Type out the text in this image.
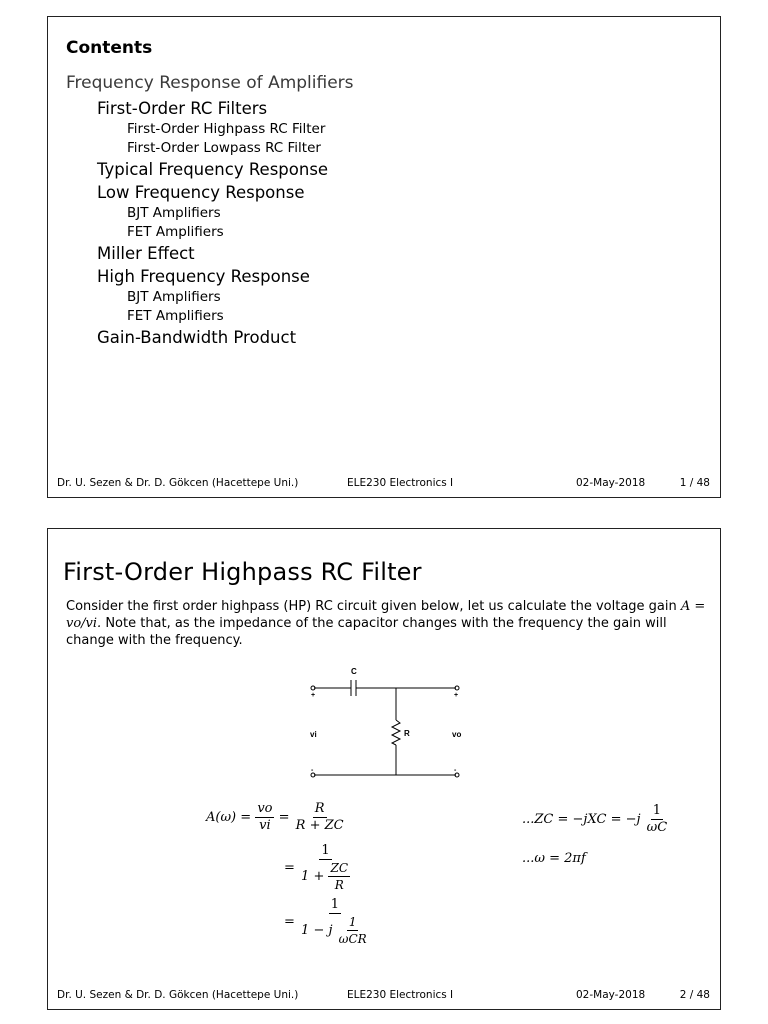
Contents
Frequency Response of Amplifiers
First-Order RC Filters
First-Order Highpass RC Filter
First-Order Lowpass RC Filter
Typical Frequency Response
Low Frequency Response
BJT Amplifiers
FET Amplifiers
Miller Effect
High Frequency Response
BJT Amplifiers
FET Amplifiers
Gain-Bandwidth Product
Dr. U. Sezen & Dr. D. Gökcen (Hacettepe Uni.)	ELE230 Electronics I	02-May-2018	1 / 48
First-Order Highpass RC Filter
Consider the first order highpass (HP) RC circuit given below, let us calculate the voltage gain A = vo/vi. Note that, as the impedance of the capacitor changes with the frequency the gain will change with the frequency.
C
R
vi	vo
+	+
-	-
$A(\omega) = \frac{vo}{vi} = \frac{R}{R + ZC}$
= $\frac{1}{1 + \frac{ZC}{R}}$
= $\frac{1}{1 - j \frac{1}{\text{ωCR}}}$
$...ZC = -jXC = -j \frac{1}{\omega C}$
...ω = 2πf
Dr. U. Sezen & Dr. D. Gökcen (Hacettepe Uni.)	ELE230 Electronics I	02-May-2018	2 / 48
